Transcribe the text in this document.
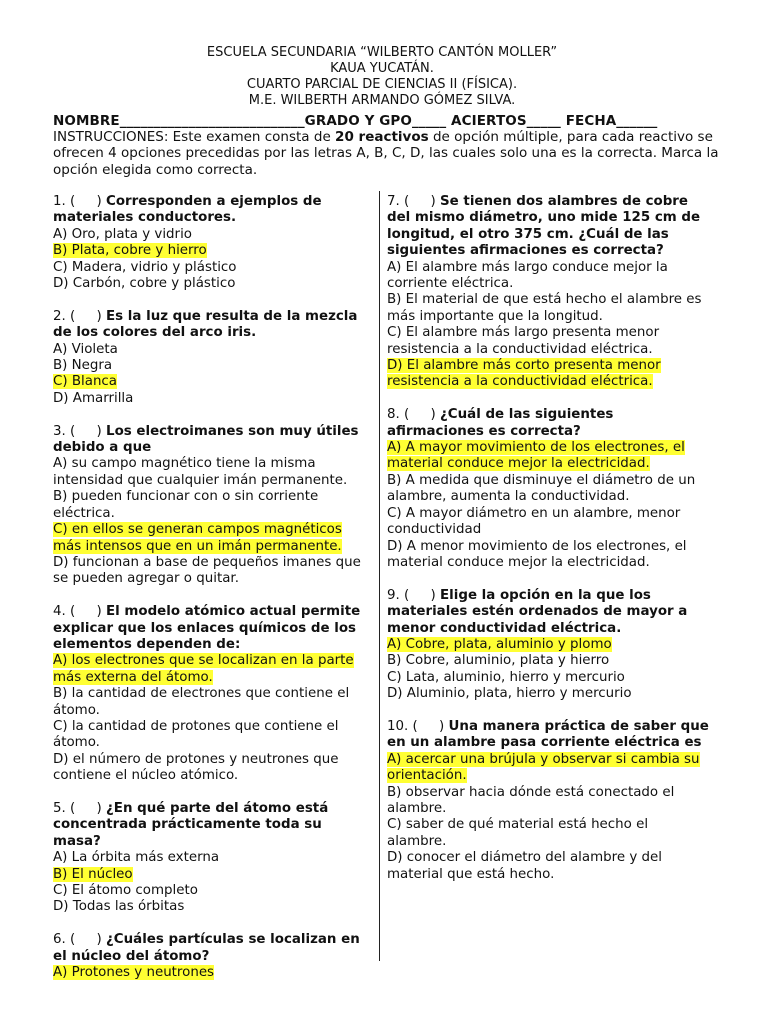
ESCUELA SECUNDARIA “WILBERTO CANTÓN MOLLER”
KAUA YUCATÁN.
CUARTO PARCIAL DE CIENCIAS II (FÍSICA).
M.E. WILBERTH ARMANDO GÓMEZ SILVA.
NOMBRE___________________________GRADO Y GPO_____ ACIERTOS_____ FECHA______
INSTRUCCIONES: Este examen consta de 20 reactivos de opción múltiple, para cada reactivo se ofrecen 4 opciones precedidas por las letras A, B, C, D, las cuales solo una es la correcta. Marca la opción elegida como correcta.
1. (     ) Corresponden a ejemplos de materiales conductores.
A) Oro, plata y vidrio
B) Plata, cobre y hierro
C) Madera, vidrio y plástico
D) Carbón, cobre y plástico
2. (     ) Es la luz que resulta de la mezcla de los colores del arco iris.
A) Violeta
B) Negra
C) Blanca
D) Amarrilla
3. (     ) Los electroimanes son muy útiles debido a que
A) su campo magnético tiene la misma intensidad que cualquier imán permanente.
B) pueden funcionar con o sin corriente eléctrica.
C) en ellos se generan campos magnéticos más intensos que en un imán permanente.
D) funcionan a base de pequeños imanes que se pueden agregar o quitar.
4. (     ) El modelo atómico actual permite explicar que los enlaces químicos de los elementos dependen de:
A) los electrones que se localizan en la parte más externa del átomo.
B) la cantidad de electrones que contiene el átomo.
C) la cantidad de protones que contiene el átomo.
D) el número de protones y neutrones que contiene el núcleo atómico.
5. (     ) ¿En qué parte del átomo está concentrada prácticamente toda su masa?
A) La órbita más externa
B) El núcleo
C) El átomo completo
D) Todas las órbitas
6. (     ) ¿Cuáles partículas se localizan en el núcleo del átomo?
A) Protones y neutrones
7. (     ) Se tienen dos alambres de cobre del mismo diámetro, uno mide 125 cm de longitud, el otro 375 cm. ¿Cuál de las siguientes afirmaciones es correcta?
A) El alambre más largo conduce mejor la corriente eléctrica.
B) El material de que está hecho el alambre es más importante que la longitud.
C) El alambre más largo presenta menor resistencia a la conductividad eléctrica.
D) El alambre más corto presenta menor resistencia a la conductividad eléctrica.
8. (     ) ¿Cuál de las siguientes afirmaciones es correcta?
A) A mayor movimiento de los electrones, el material conduce mejor la electricidad.
B) A medida que disminuye el diámetro de un alambre, aumenta la conductividad.
C) A mayor diámetro en un alambre, menor conductividad
D) A menor movimiento de los electrones, el material conduce mejor la electricidad.
9. (     ) Elige la opción en la que los materiales estén ordenados de mayor a menor conductividad eléctrica.
A) Cobre, plata, aluminio y plomo
B) Cobre, aluminio, plata y hierro
C) Lata, aluminio, hierro y mercurio
D) Aluminio, plata, hierro y mercurio
10. (     ) Una manera práctica de saber que en un alambre pasa corriente eléctrica es
A) acercar una brújula y observar si cambia su orientación.
B) observar hacia dónde está conectado el alambre.
C) saber de qué material está hecho el alambre.
D) conocer el diámetro del alambre y del material que está hecho.
